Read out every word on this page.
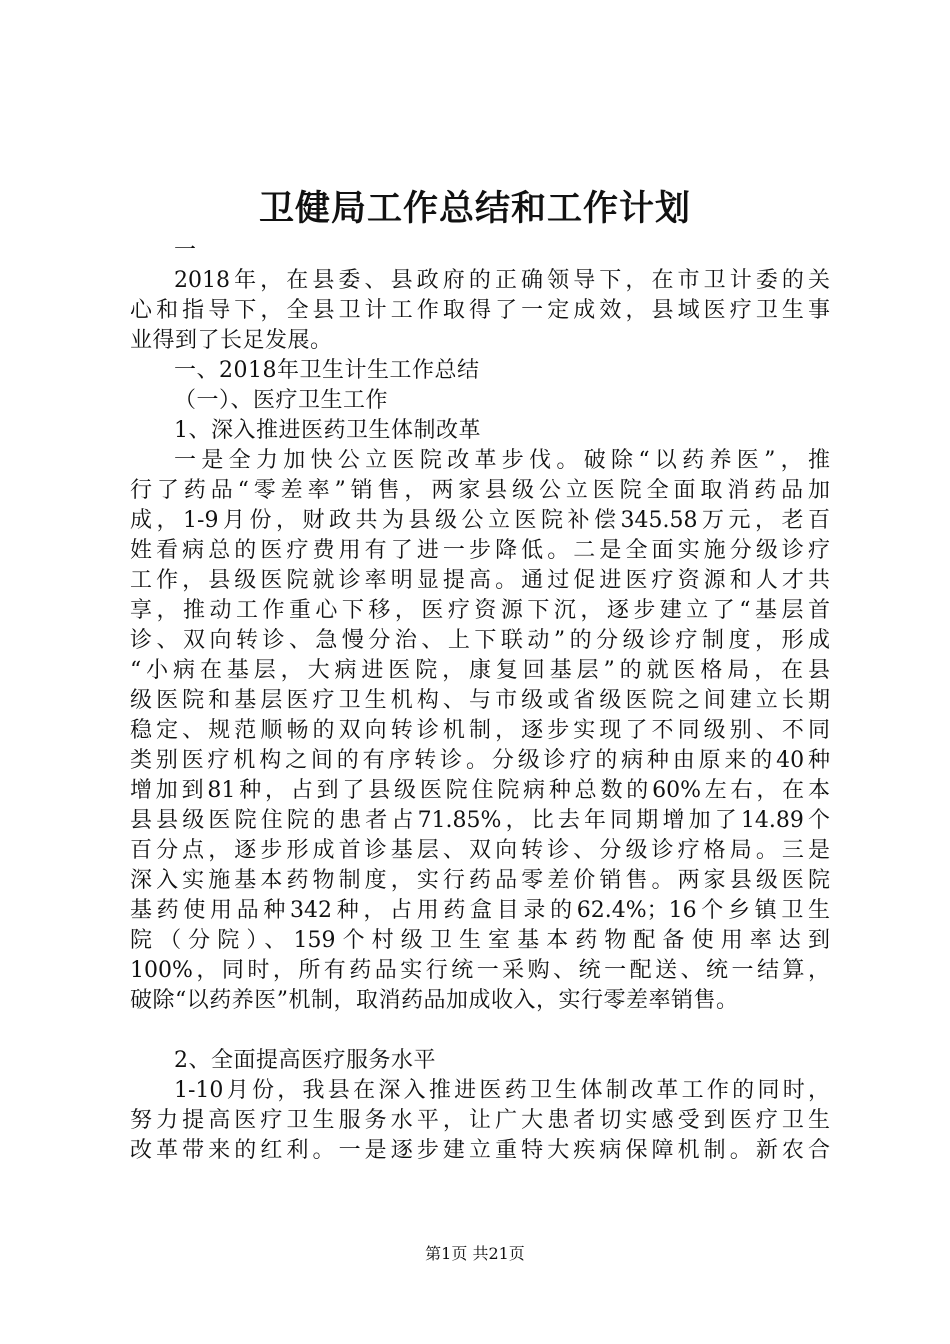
卫健局工作总结和工作计划
一
2018年，在县委、县政府的正确领导下，在市卫计委的关
心和指导下，全县卫计工作取得了一定成效，县域医疗卫生事
业得到了长足发展。
一、2018年卫生计生工作总结
（一）、医疗卫生工作
1、深入推进医药卫生体制改革
一是全力加快公立医院改革步伐。破除“以药养医”，推
行了药品“零差率”销售，两家县级公立医院全面取消药品加
成，1-9月份，财政共为县级公立医院补偿345.58万元，老百
姓看病总的医疗费用有了进一步降低。二是全面实施分级诊疗
工作，县级医院就诊率明显提高。通过促进医疗资源和人才共
享，推动工作重心下移，医疗资源下沉，逐步建立了“基层首
诊、双向转诊、急慢分治、上下联动”的分级诊疗制度，形成
“小病在基层，大病进医院，康复回基层”的就医格局，在县
级医院和基层医疗卫生机构、与市级或省级医院之间建立长期
稳定、规范顺畅的双向转诊机制，逐步实现了不同级别、不同
类别医疗机构之间的有序转诊。分级诊疗的病种由原来的40种
增加到81种，占到了县级医院住院病种总数的60%左右，在本
县县级医院住院的患者占71.85%，比去年同期增加了14.89个
百分点，逐步形成首诊基层、双向转诊、分级诊疗格局。三是
深入实施基本药物制度，实行药品零差价销售。两家县级医院
基药使用品种342种，占用药盒目录的62.4%；16个乡镇卫生
院（分院）、159个村级卫生室基本药物配备使用率达到
100%，同时，所有药品实行统一采购、统一配送、统一结算，
破除“以药养医”机制，取消药品加成收入，实行零差率销售。
2、全面提高医疗服务水平
1-10月份，我县在深入推进医药卫生体制改革工作的同时，
努力提高医疗卫生服务水平，让广大患者切实感受到医疗卫生
改革带来的红利。一是逐步建立重特大疾病保障机制。新农合
第1页 共21页
